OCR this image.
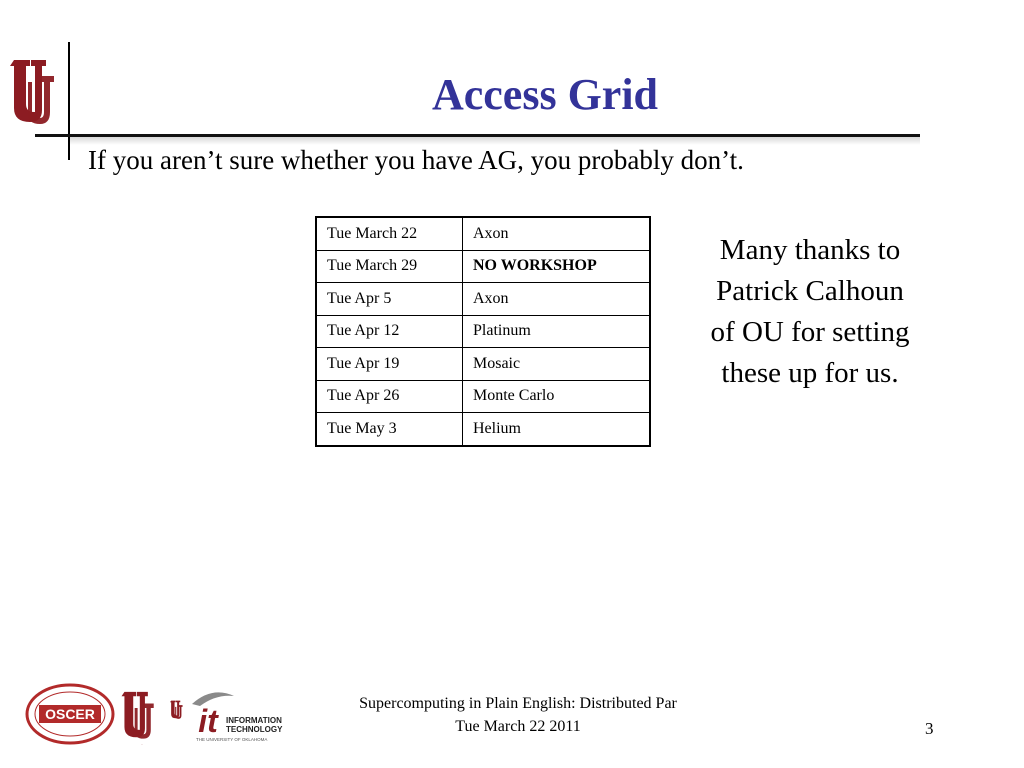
Access Grid
If you aren’t sure whether you have AG, you probably don’t.
Tue March 22	Axon
Tue March 29	NO WORKSHOP
Tue Apr 5	Axon
Tue Apr 12	Platinum
Tue Apr 19	Mosaic
Tue Apr 26	Monte Carlo
Tue May 3	Helium
Many thanks to
Patrick Calhoun
of OU for setting
these up for us.
OSCER
OU
it INFORMATION
TECHNOLOGY
THE UNIVERSITY OF OKLAHOMA
Supercomputing in Plain English: Distributed Par
Tue March 22 2011	3
